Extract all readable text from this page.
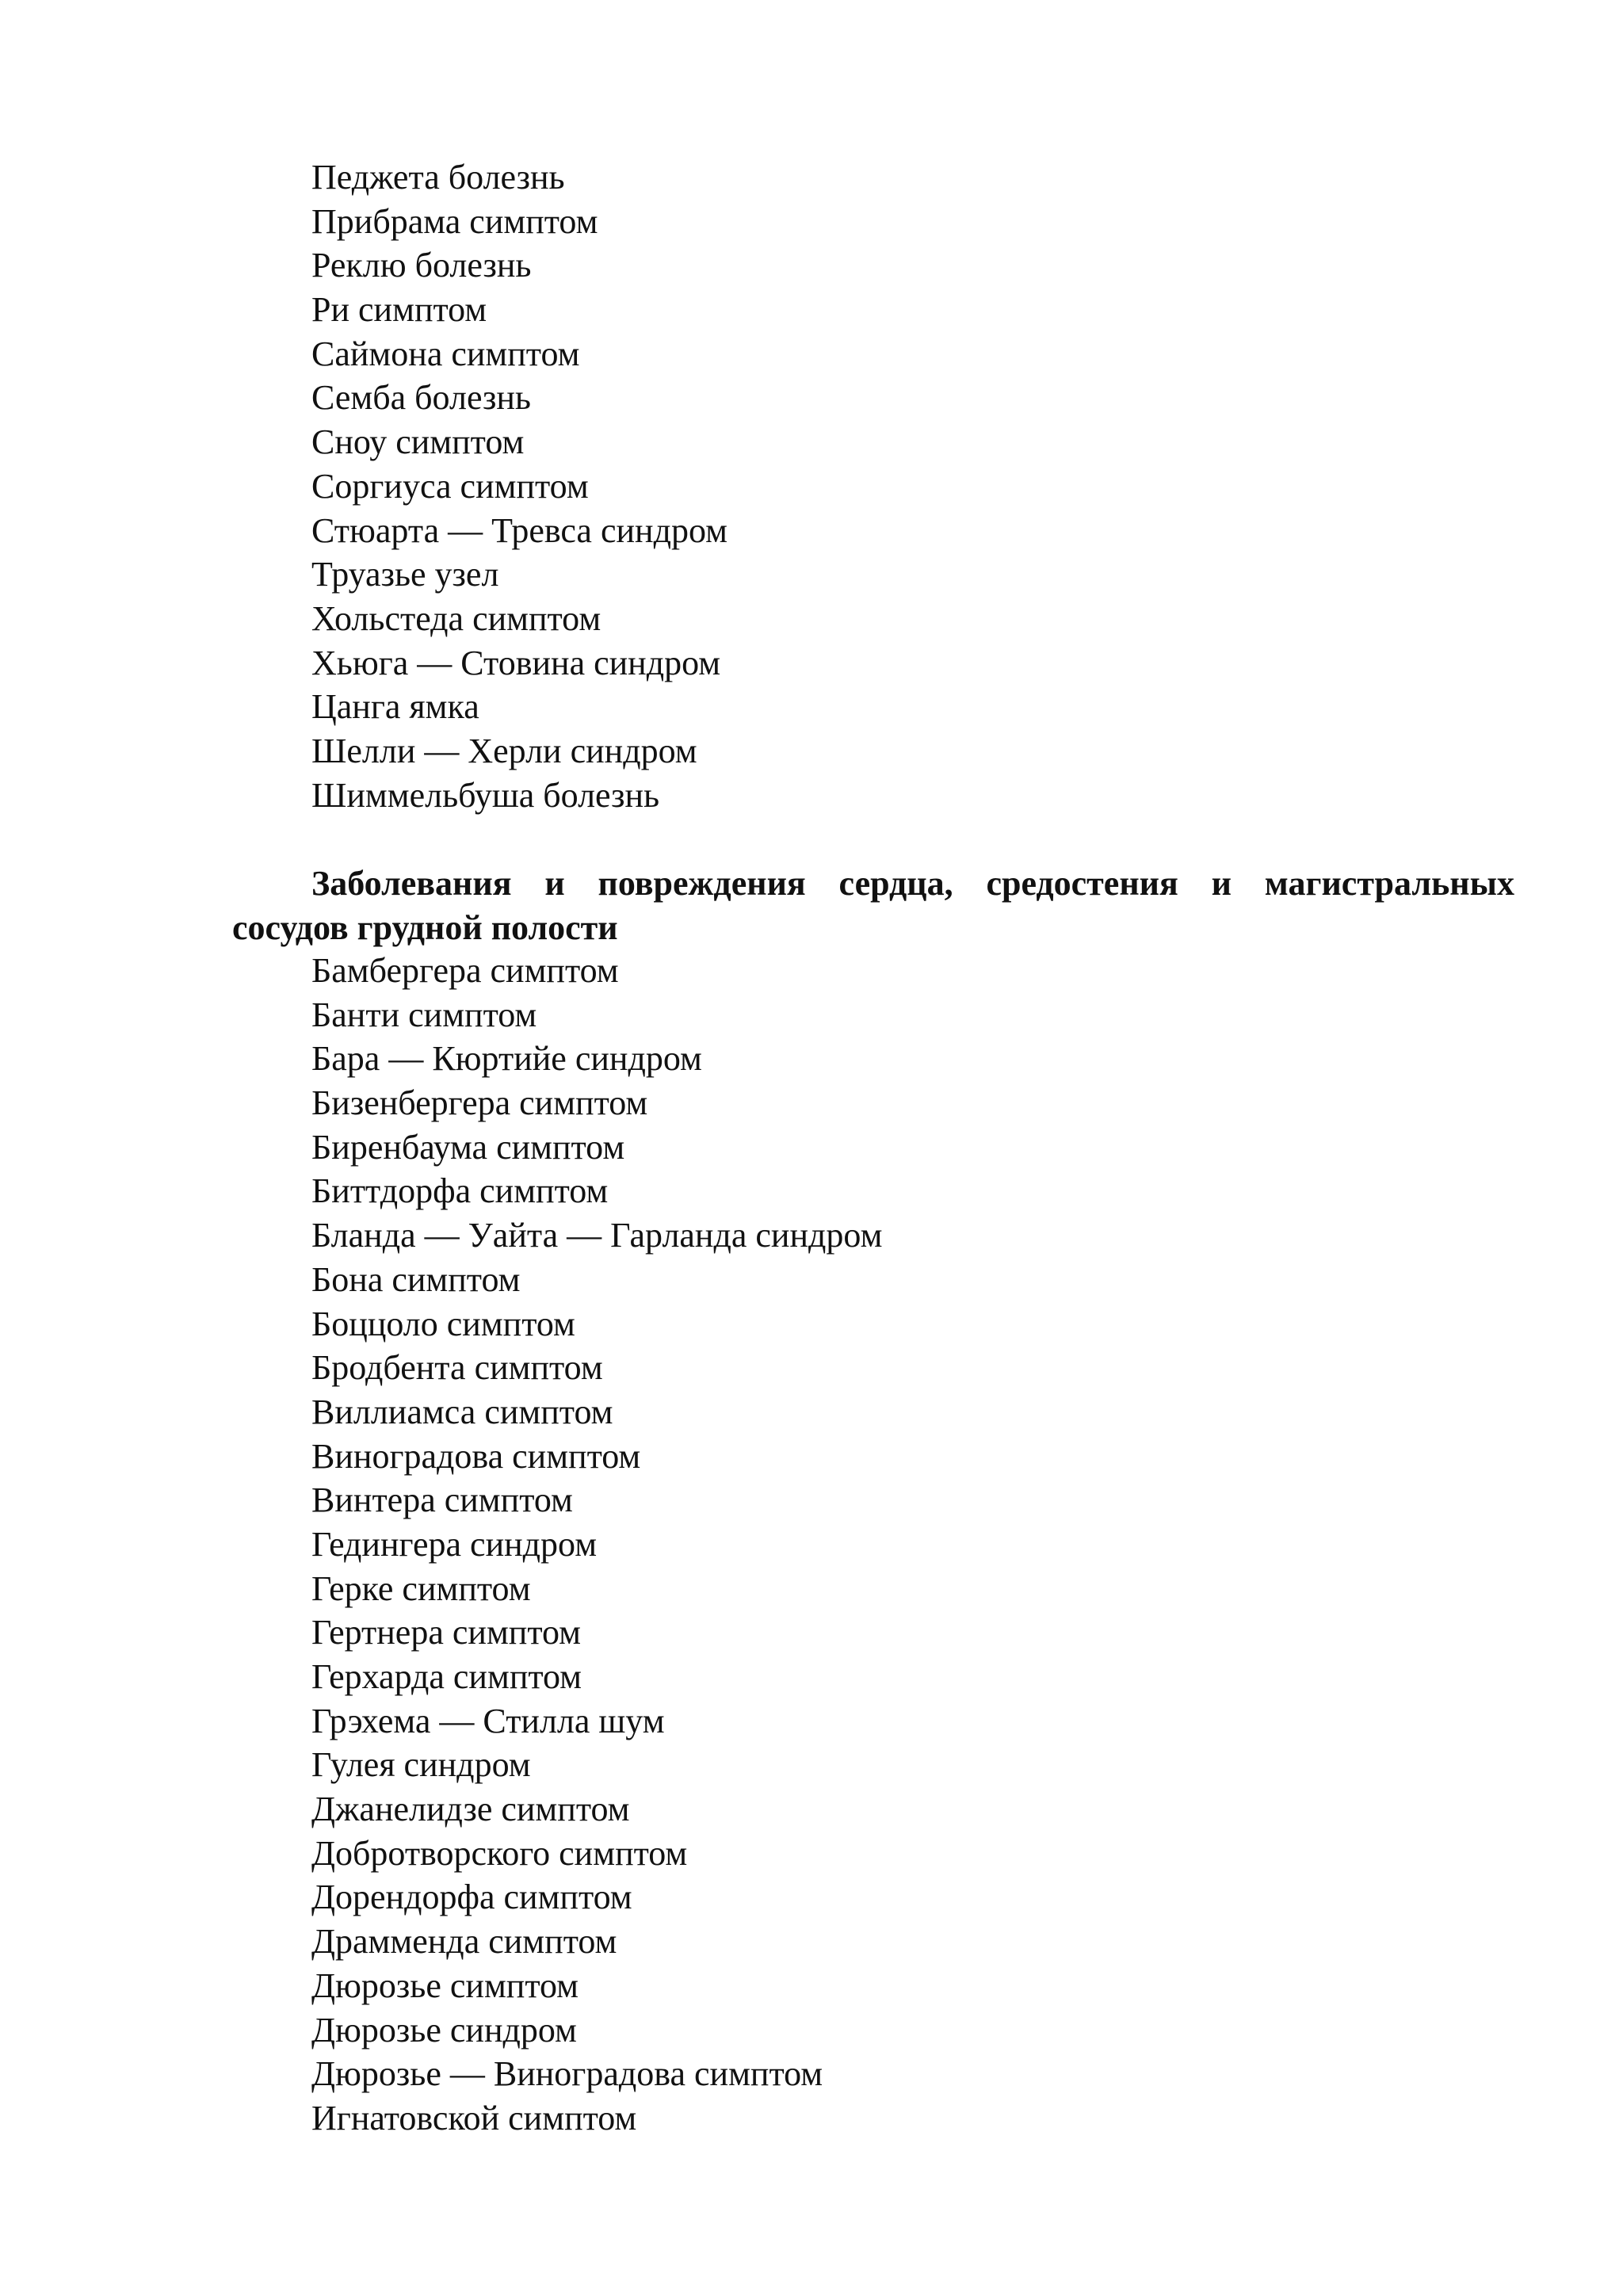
Педжета болезнь
Прибрама симптом
Реклю болезнь
Ри симптом
Саймона симптом
Семба болезнь
Сноу симптом
Соргиуса симптом
Стюарта — Тревса синдром
Труазье узел
Хольстеда симптом
Хьюга — Стовина синдром
Цанга ямка
Шелли — Херли синдром
Шиммельбуша болезнь
Заболевания и повреждения сердца, средостения и магистральных
сосудов грудной полости
Бамбергера симптом
Банти симптом
Бара — Кюртийе синдром
Бизенбергера симптом
Биренбаума симптом
Биттдорфа симптом
Бланда — Уайта — Гарланда синдром
Бона симптом
Боццоло симптом
Бродбента симптом
Виллиамса симптом
Виноградова симптом
Винтера симптом
Гедингера синдром
Герке симптом
Гертнера симптом
Герхарда симптом
Грэхема — Стилла шум
Гулея синдром
Джанелидзе симптом
Добротворского симптом
Дорендорфа симптом
Драмменда симптом
Дюрозье симптом
Дюрозье синдром
Дюрозье — Виноградова симптом
Игнатовской симптом
